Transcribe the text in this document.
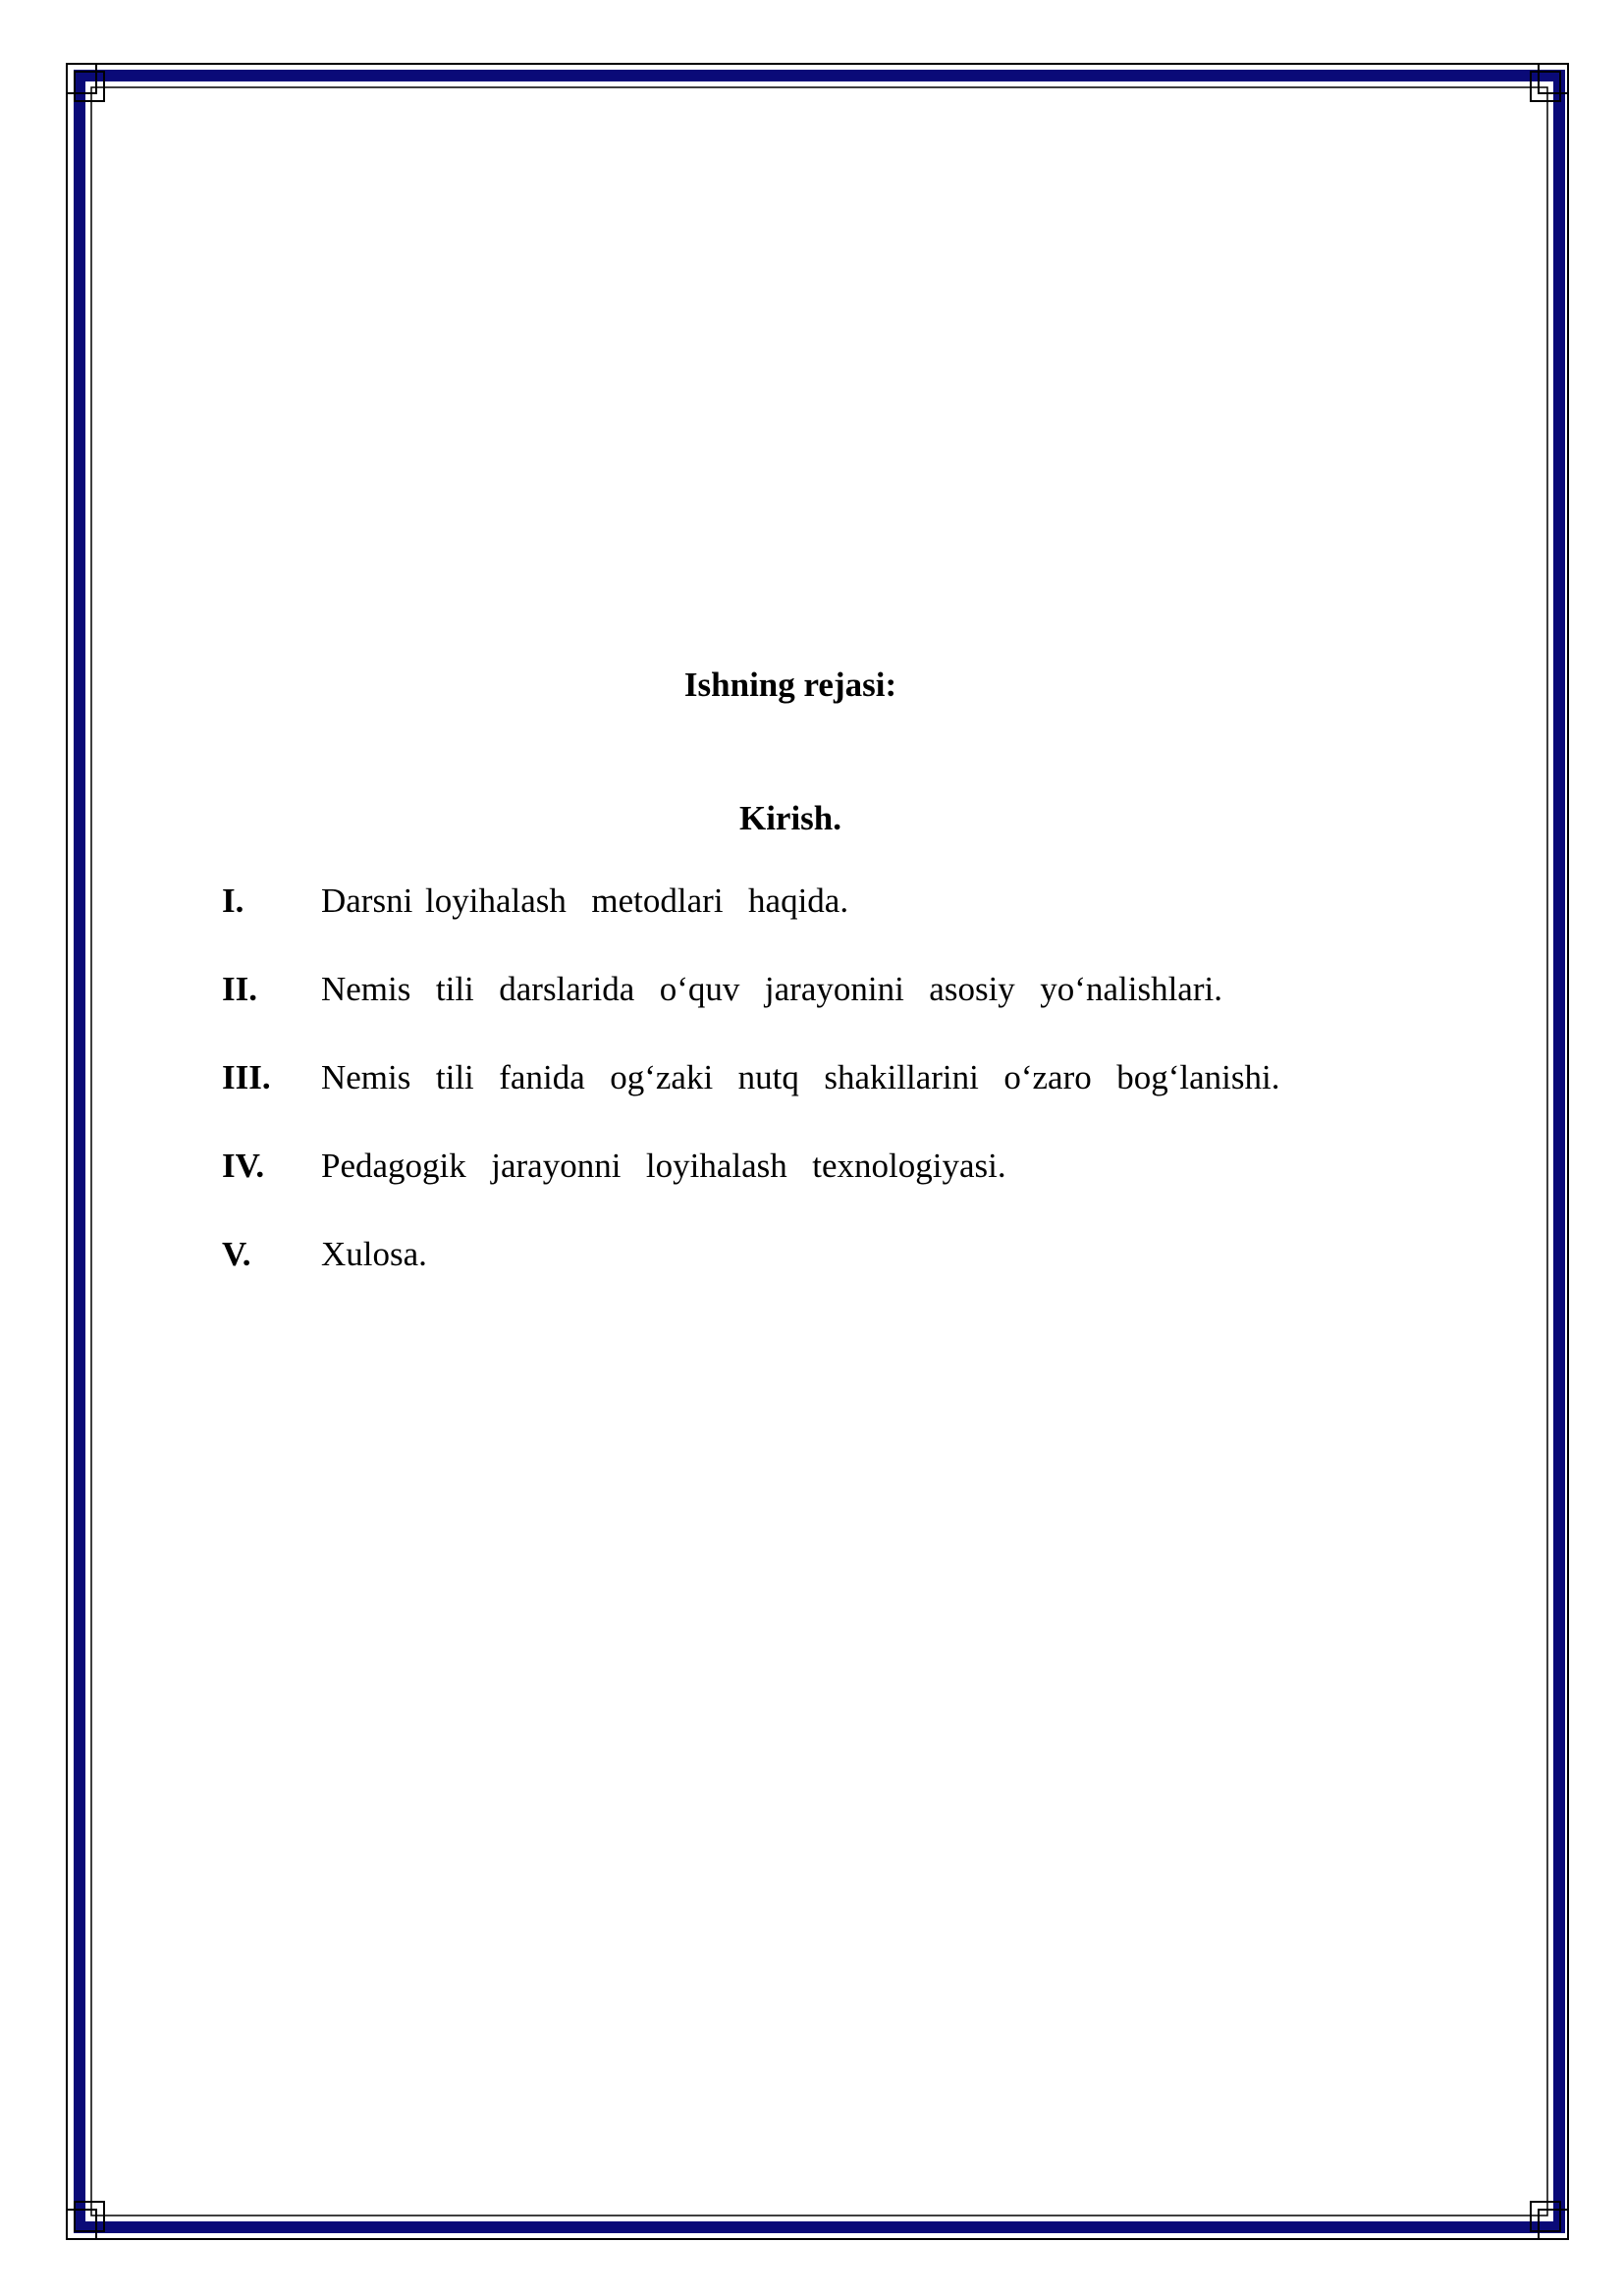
Ishning rejasi:
Kirish.
I.	Darsni loyihalash  metodlari  haqida.
II.	Nemis  tili  darslarida  o‘quv  jarayonini  asosiy  yo‘nalishlari.
III.	Nemis  tili  fanida  og‘zaki  nutq  shakillarini  o‘zaro  bog‘lanishi.
IV.	Pedagogik  jarayonni  loyihalash  texnologiyasi.
V.	Xulosa.
